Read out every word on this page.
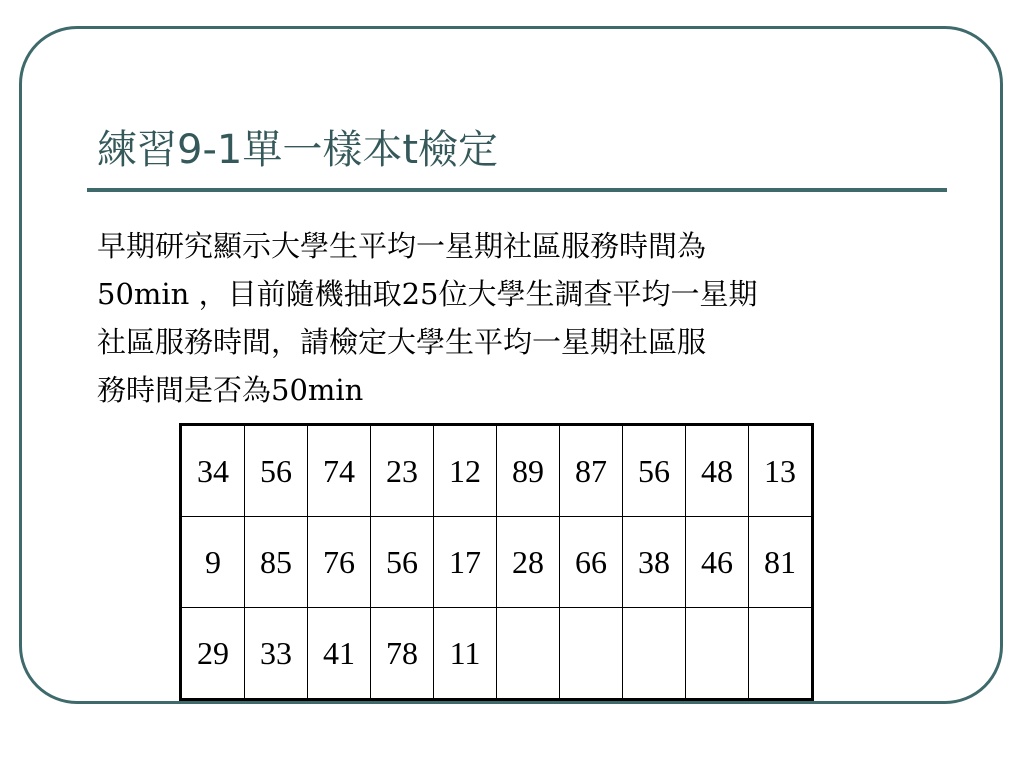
練習9-1單一樣本t檢定
早期研究顯示大學生平均一星期社區服務時間為
50min ，目前隨機抽取25位大學生調查平均一星期
社區服務時間，請檢定大學生平均一星期社區服
務時間是否為50min
34	56	74	23	12	89	87	56	48	13
9	85	76	56	17	28	66	38	46	81
29	33	41	78	11					
